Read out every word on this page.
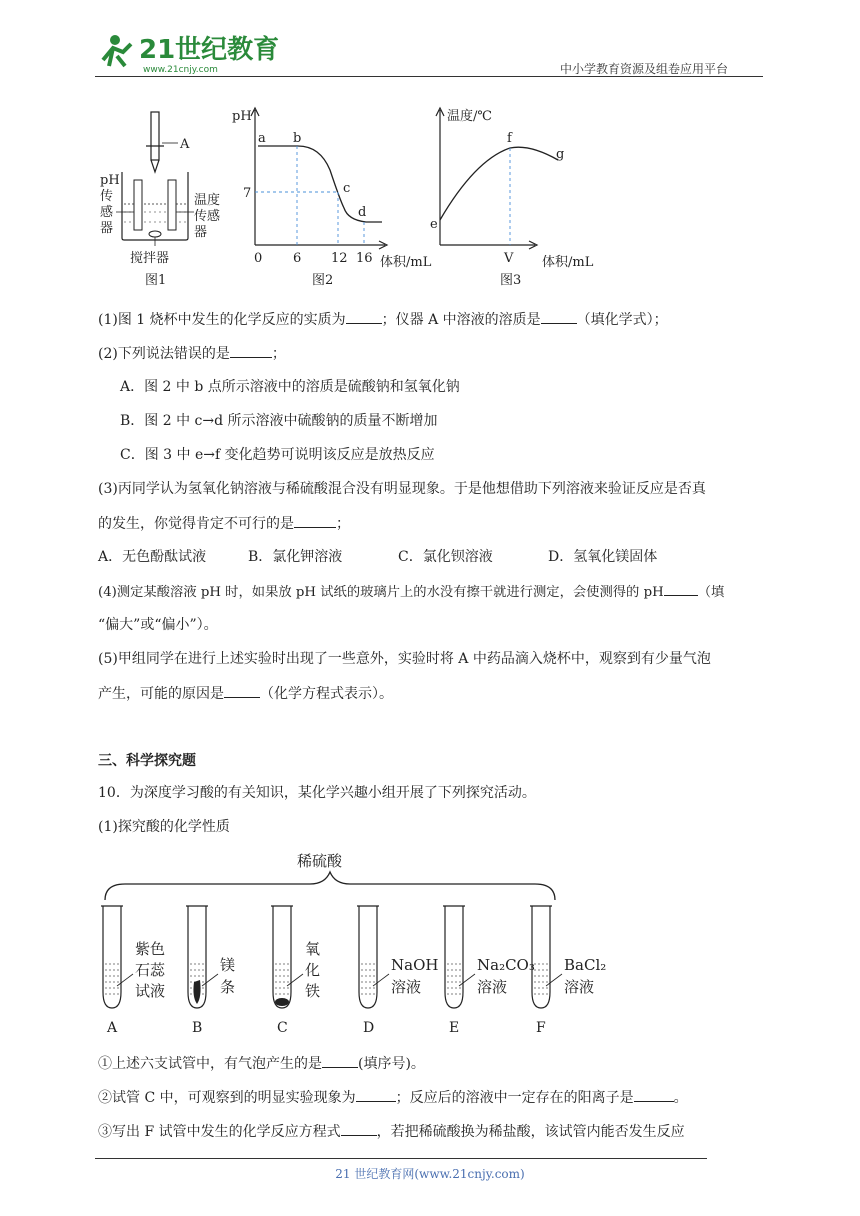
21世纪教育
www.21cnjy.com	中小学教育资源及组卷应用平台
A
pH
传
感
器
温度
传感
器
搅拌器
图1
pH
a b
c
d
7
0 6 12 16 体积/mL
图2
温度/℃
e
f
g
V 体积/mL
图3
(1)图 1 烧杯中发生的化学反应的实质为	；仪器 A 中溶液的溶质是	（填化学式）；
(2)下列说法错误的是	；
A．图 2 中 b 点所示溶液中的溶质是硫酸钠和氢氧化钠
B．图 2 中 c→d 所示溶液中硫酸钠的质量不断增加
C．图 3 中 e→f 变化趋势可说明该反应是放热反应
(3)丙同学认为氢氧化钠溶液与稀硫酸混合没有明显现象。于是他想借助下列溶液来验证反应是否真
的发生，你觉得肯定不可行的是	；
A．无色酚酞试液	B．氯化钾溶液	C．氯化钡溶液	D．氢氧化镁固体
(4)测定某酸溶液 pH 时，如果放 pH 试纸的玻璃片上的水没有擦干就进行测定，会使测得的 pH	（填
“偏大”或“偏小”）。
(5)甲组同学在进行上述实验时出现了一些意外，实验时将 A 中药品滴入烧杯中，观察到有少量气泡
产生，可能的原因是	（化学方程式表示）。
三、科学探究题
10．为深度学习酸的有关知识，某化学兴趣小组开展了下列探究活动。
(1)探究酸的化学性质
稀硫酸
紫色
石蕊
试液
A
镁
条
B
氧
化
铁
C
NaOH
溶液
D
Na₂CO₃
溶液
E
BaCl₂
溶液
F
①上述六支试管中，有气泡产生的是	(填序号)。
②试管 C 中，可观察到的明显实验现象为	；反应后的溶液中一定存在的阳离子是	。
③写出 F 试管中发生的化学反应方程式	，若把稀硫酸换为稀盐酸，该试管内能否发生反应
21 世纪教育网(www.21cnjy.com)
